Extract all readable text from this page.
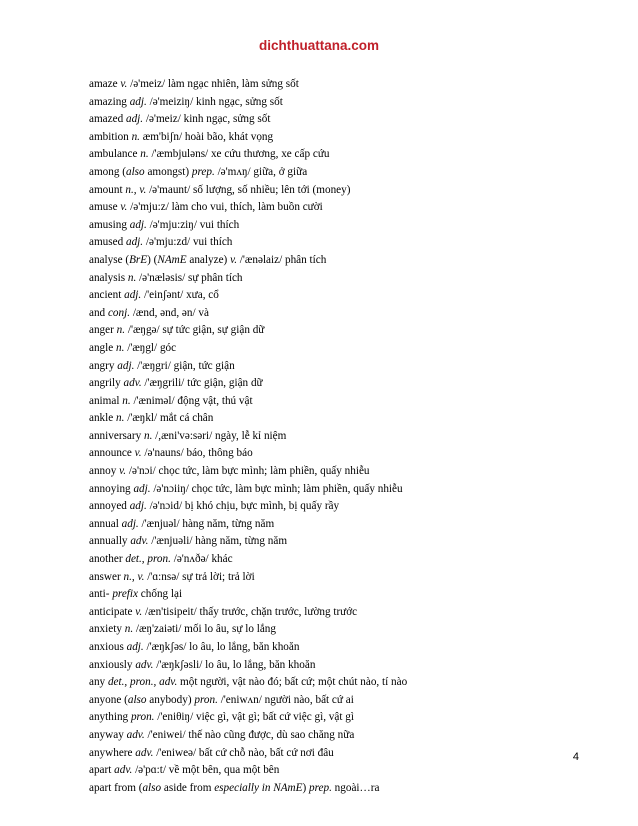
dichthuattana.com
amaze v. /ə'meiz/ làm ngạc nhiên, làm sửng sốt
amazing adj. /ə'meiziŋ/ kinh ngạc, sửng sốt
amazed adj. /ə'meiz/ kinh ngạc, sửng sốt
ambition n. æm'biʃn/ hoài bão, khát vọng
ambulance n. /'æmbjuləns/ xe cứu thương, xe cấp cứu
among (also amongst) prep. /ə'mʌŋ/ giữa, ở giữa
amount n., v. /ə'maunt/ số lượng, số nhiều; lên tới (money)
amuse v. /ə'mju:z/ làm cho vui, thích, làm buồn cười
amusing adj. /ə'mju:ziŋ/ vui thích
amused adj. /ə'mju:zd/ vui thích
analyse (BrE) (NAmE analyze) v. /'ænəlaiz/ phân tích
analysis n. /ə'næləsis/ sự phân tích
ancient adj. /'einʃənt/ xưa, cổ
and conj. /ænd, ənd, ən/ và
anger n. /'æŋgə/ sự tức giận, sự giận dữ
angle n. /'æŋgl/ góc
angry adj. /'æŋgri/ giận, tức giận
angrily adv. /'æŋgrili/ tức giận, giận dữ
animal n. /'æniməl/ động vật, thú vật
ankle n. /'æŋkl/ mắt cá chân
anniversary n. /,æni'və:səri/ ngày, lễ kỉ niệm
announce v. /ə'nauns/ báo, thông báo
annoy v. /ə'nɔi/ chọc tức, làm bực mình; làm phiền, quấy nhiễu
annoying adj. /ə'nɔiiŋ/ chọc tức, làm bực mình; làm phiền, quấy nhiễu
annoyed adj. /ə'nɔid/ bị khó chịu, bực mình, bị quấy rầy
annual adj. /'ænjuəl/ hàng năm, từng năm
annually adv. /'ænjuəli/ hàng năm, từng năm
another det., pron. /ə'nʌðə/ khác
answer n., v. /'ɑ:nsə/ sự trả lời; trả lời
anti- prefix chống lại
anticipate v. /æn'tisipeit/ thấy trước, chặn trước, lường trước
anxiety n. /æŋ'zaiəti/ mối lo âu, sự lo lắng
anxious adj. /'æŋkʃəs/ lo âu, lo lắng, băn khoăn
anxiously adv. /'æŋkʃəsli/ lo âu, lo lắng, băn khoăn
any det., pron., adv. một người, vật nào đó; bất cứ; một chút nào, tí nào
anyone (also anybody) pron. /'eniwʌn/ người nào, bất cứ ai
anything pron. /'eniθiŋ/ việc gì, vật gì; bất cứ việc gì, vật gì
anyway adv. /'eniwei/ thế nào cũng được, dù sao chăng nữa
anywhere adv. /'eniweə/ bất cứ chỗ nào, bất cứ nơi đâu
apart adv. /ə'pɑ:t/ về một bên, qua một bên
apart from (also aside from especially in NAmE) prep. ngoài…ra
4
